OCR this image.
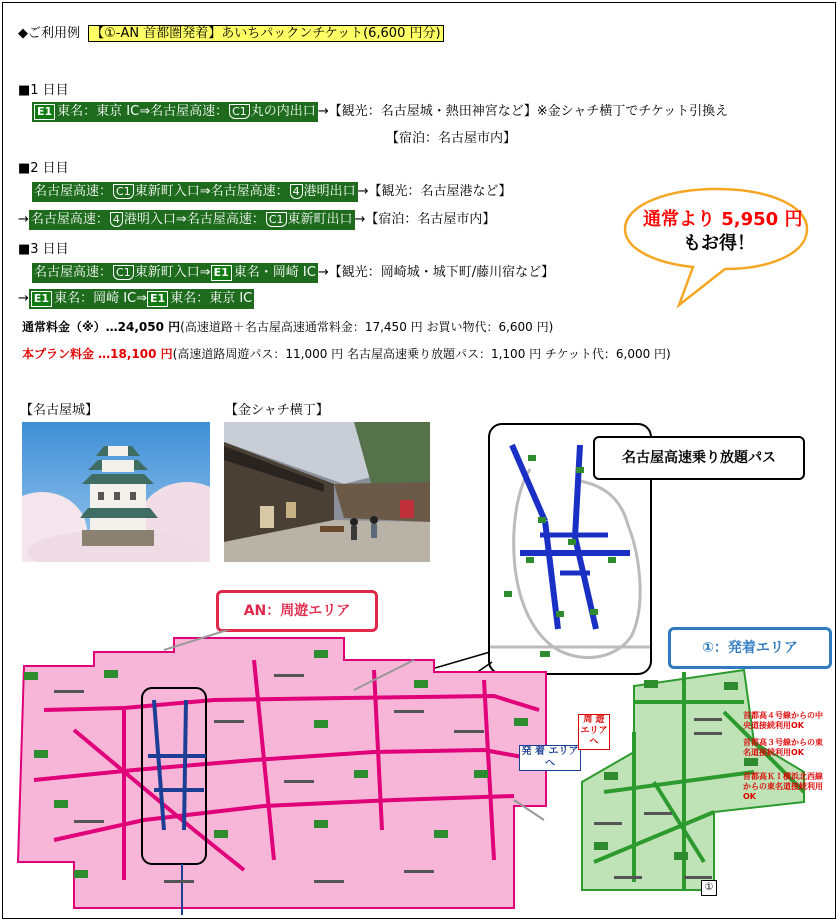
◆ご利用例 【①-AN 首都圏発着】あいちパックンチケット(6,600 円分)
■1 日目
E1 東名：東京 IC⇒名古屋高速： C1 丸の内出口 →【観光：名古屋城・熱田神宮など】※金シャチ横丁でチケット引換え
【宿泊：名古屋市内】
■2 日目
名古屋高速： C1 東新町入口⇒名古屋高速： 4 港明出口 →【観光：名古屋港など】
→ 名古屋高速： 4 港明入口⇒名古屋高速： C1 東新町出口 →【宿泊：名古屋市内】
■3 日目
名古屋高速： C1 東新町入口⇒ E1 東名・岡崎 IC →【観光：岡崎城・城下町/藤川宿など】
→ E1 東名：岡崎 IC⇒ E1 東名：東京 IC
通常料金（※）…24,050 円(高速道路＋名古屋高速通常料金：17,450 円 お買い物代：6,600 円)
本プラン料金 …18,100 円(高速道路周遊パス：11,000 円 名古屋高速乗り放題パス：1,100 円 チケット代：6,000 円)
通常より 5,950 円
もお得！
【名古屋城】	【金シャチ横丁】
名古屋高速乗り放題パス
AN：周遊エリア
発 着 エリアへ
①：発着エリア
周 遊 エリアへ
首都高４号線からの中央道接続利用OK
首都高３号線からの東名道接続利用OK
首都高ＫＩ横浜北西線からの東名道接続利用OK
①
